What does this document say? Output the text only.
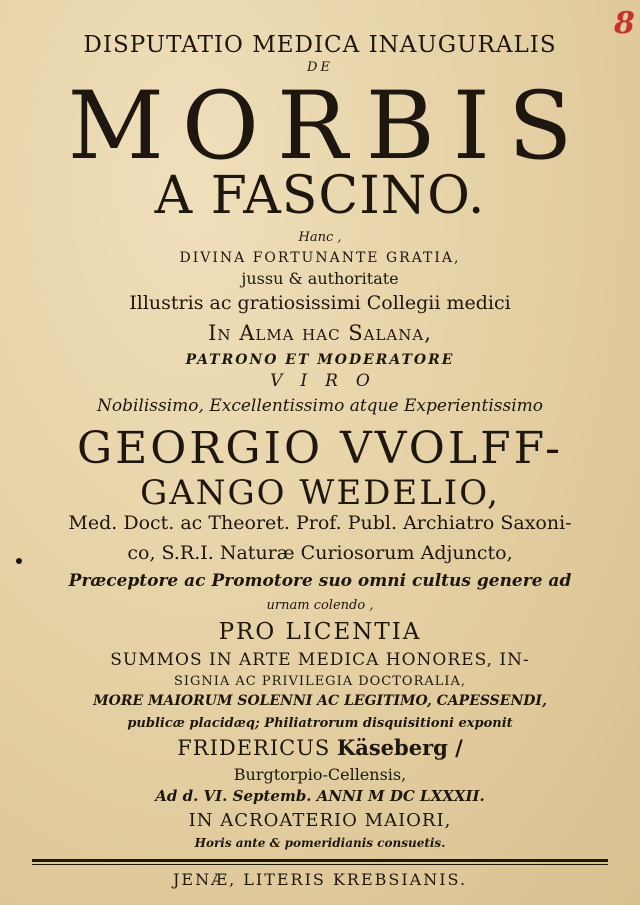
DISPUTATIO MEDICA INAUGURALIS
DE
MORBIS
A FASCINO.
Hanc ,
DIVINA FORTUNANTE GRATIA,
jussu & authoritate
Illustris ac gratiosissimi Collegii medici
In Alma hac Salana,
PATRONO ET MODERATORE
VIRO
Nobilissimo, Excellentissimo atque Experientissimo
GEORGIO VVOLFF-
GANGO WEDELIO,
Med. Doct. ac Theoret. Prof. Publ. Archiatro Saxoni-
co, S.R.I. Naturæ Curiosorum Adjuncto,
Præceptore ac Promotore suo omni cultus genere ad
urnam colendo ,
PRO LICENTIA
SUMMOS IN ARTE MEDICA HONORES, IN-
SIGNIA AC PRIVILEGIA DOCTORALIA,
MORE MAIORUM SOLENNI AC LEGITIMO, CAPESSENDI,
publicæ placidæq; Philiatrorum disquisitioni exponit
FRIDERICUS Käseberg /
Burgtorpio-Cellensis,
Ad d. VI. Septemb. ANNI M DC LXXXII.
IN ACROATERIO MAIORI,
Horis ante & pomeridianis consuetis.
JENÆ, LITERIS KREBSIANIS.
8
